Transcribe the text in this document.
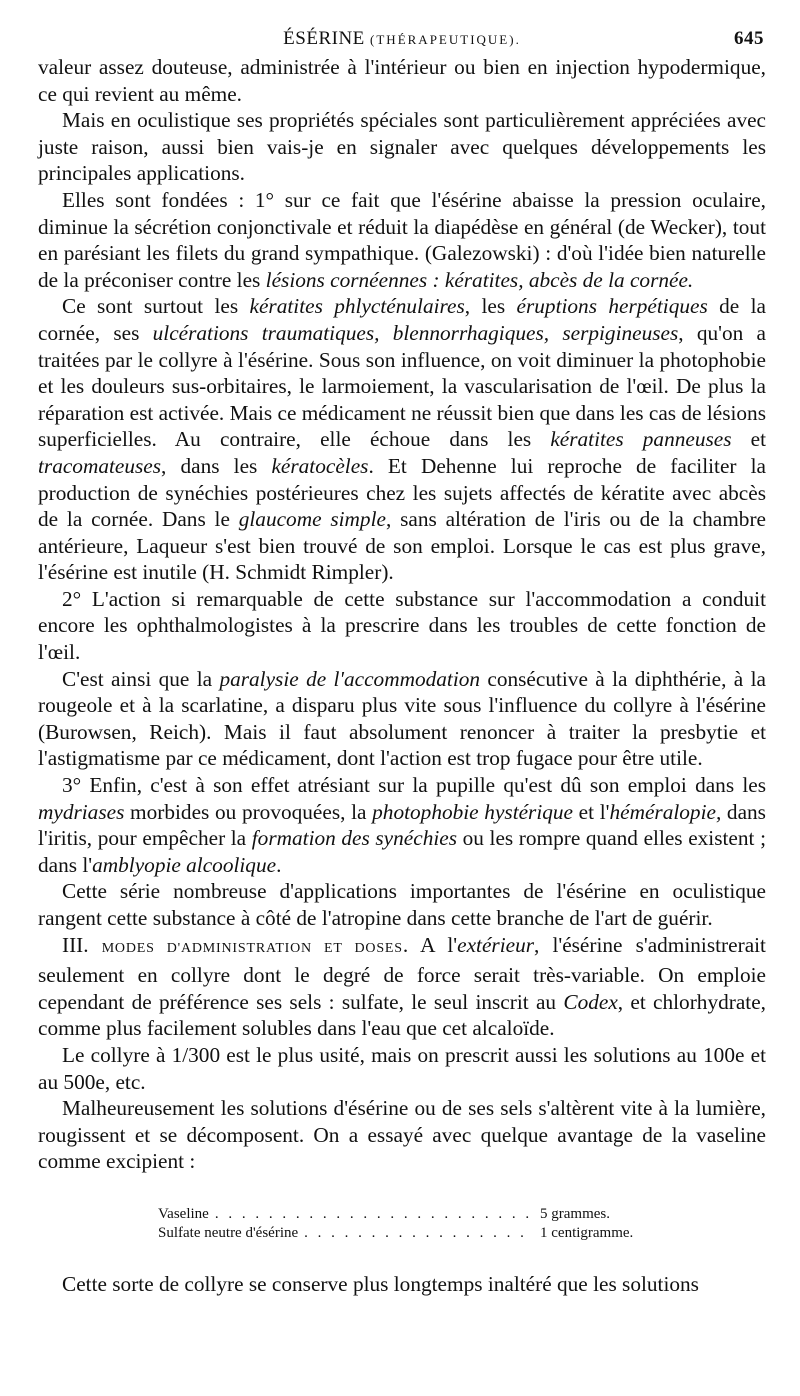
ÉSÉRINE (THÉRAPEUTIQUE).	645

valeur assez douteuse, administrée à l'intérieur ou bien en injection hypodermique, ce qui revient au même.

Mais en oculistique ses propriétés spéciales sont particulièrement appréciées avec juste raison, aussi bien vais-je en signaler avec quelques développements les principales applications.

Elles sont fondées : 1° sur ce fait que l'ésérine abaisse la pression oculaire, diminue la sécrétion conjonctivale et réduit la diapédèse en général (de Wecker), tout en parésiant les filets du grand sympathique. (Galezowski) : d'où l'idée bien naturelle de la préconiser contre les lésions cornéennes : kératites, abcès de la cornée.

Ce sont surtout les kératites phlycténulaires, les éruptions herpétiques de la cornée, ses ulcérations traumatiques, blennorrhagiques, serpigineuses, qu'on a traitées par le collyre à l'ésérine. Sous son influence, on voit diminuer la photophobie et les douleurs sus-orbitaires, le larmoiement, la vascularisation de l'œil. De plus la réparation est activée. Mais ce médicament ne réussit bien que dans les cas de lésions superficielles. Au contraire, elle échoue dans les kératites panneuses et tracomateuses, dans les kératocèles. Et Dehenne lui reproche de faciliter la production de synéchies postérieures chez les sujets affectés de kératite avec abcès de la cornée. Dans le glaucome simple, sans altération de l'iris ou de la chambre antérieure, Laqueur s'est bien trouvé de son emploi. Lorsque le cas est plus grave, l'ésérine est inutile (H. Schmidt Rimpler).

2° L'action si remarquable de cette substance sur l'accommodation a conduit encore les ophthalmologistes à la prescrire dans les troubles de cette fonction de l'œil.

C'est ainsi que la paralysie de l'accommodation consécutive à la diphthérie, à la rougeole et à la scarlatine, a disparu plus vite sous l'influence du collyre à l'ésérine (Burowsen, Reich). Mais il faut absolument renoncer à traiter la presbytie et l'astigmatisme par ce médicament, dont l'action est trop fugace pour être utile.

3° Enfin, c'est à son effet atrésiant sur la pupille qu'est dû son emploi dans les mydriases morbides ou provoquées, la photophobie hystérique et l'héméralopie, dans l'iritis, pour empêcher la formation des synéchies ou les rompre quand elles existent ; dans l'amblyopie alcoolique.

Cette série nombreuse d'applications importantes de l'ésérine en oculistique rangent cette substance à côté de l'atropine dans cette branche de l'art de guérir.

III. MODES D'ADMINISTRATION ET DOSES. A l'extérieur, l'ésérine s'administrerait seulement en collyre dont le degré de force serait très-variable. On emploie cependant de préférence ses sels : sulfate, le seul inscrit au Codex, et chlorhydrate, comme plus facilement solubles dans l'eau que cet alcaloïde.

Le collyre à 1/300 est le plus usité, mais on prescrit aussi les solutions au 100e et au 500e, etc.

Malheureusement les solutions d'ésérine ou de ses sels s'altèrent vite à la lumière, rougissent et se décomposent. On a essayé avec quelque avantage de la vaseline comme excipient :

Vaseline . . .	5 grammes.
Sulfate neutre d'ésérine . . .	1 centigramme.

Cette sorte de collyre se conserve plus longtemps inaltéré que les solutions
